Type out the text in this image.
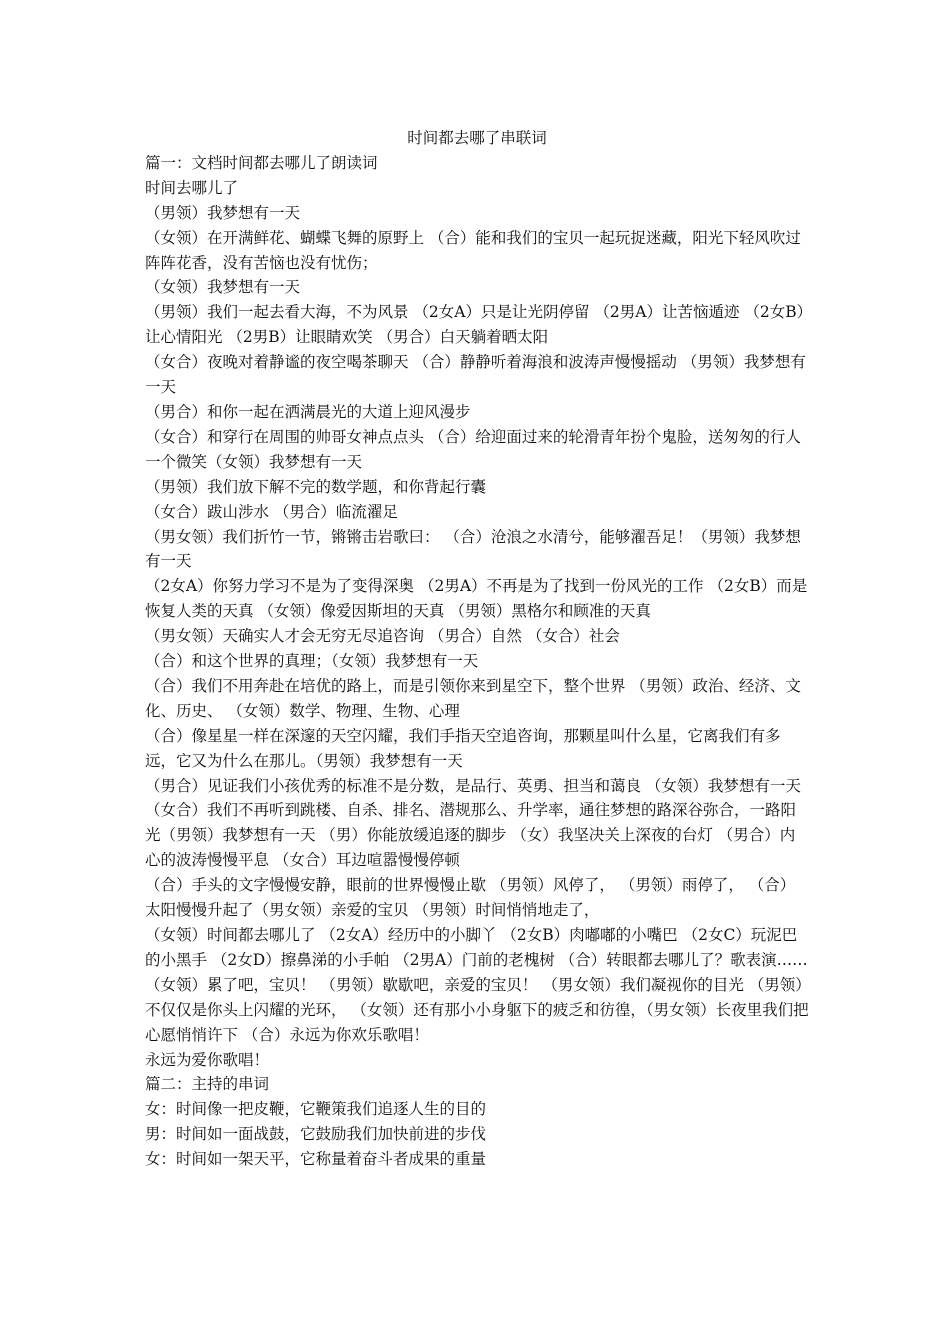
时间都去哪了串联词

篇一：文档时间都去哪儿了朗读词

时间去哪儿了

（男领）我梦想有一天

（女领）在开满鲜花、蝴蝶飞舞的原野上 （合）能和我们的宝贝一起玩捉迷藏，阳光下轻风吹过阵阵花香，没有苦恼也没有忧伤；

（女领）我梦想有一天

（男领）我们一起去看大海，不为风景 （2女A）只是让光阴停留 （2男A）让苦恼遁迹 （2女B）让心情阳光 （2男B）让眼睛欢笑 （男合）白天躺着晒太阳

（女合）夜晚对着静谧的夜空喝茶聊天 （合）静静听着海浪和波涛声慢慢摇动 （男领）我梦想有一天

（男合）和你一起在洒满晨光的大道上迎风漫步

（女合）和穿行在周围的帅哥女神点点头 （合）给迎面过来的轮滑青年扮个鬼脸，送匆匆的行人一个微笑（女领）我梦想有一天

（男领）我们放下解不完的数学题，和你背起行囊

（女合）跋山涉水 （男合）临流濯足

（男女领）我们折竹一节，锵锵击岩歌曰： （合）沧浪之水清兮，能够濯吾足！（男领）我梦想有一天

（2女A）你努力学习不是为了变得深奥 （2男A）不再是为了找到一份风光的工作 （2女B）而是恢复人类的天真 （女领）像爱因斯坦的天真 （男领）黑格尔和顾准的天真

（男女领）天确实人才会无穷无尽追咨询 （男合）自然 （女合）社会

（合）和这个世界的真理；（女领）我梦想有一天

（合）我们不用奔赴在培优的路上，而是引领你来到星空下，整个世界 （男领）政治、经济、文化、历史、 （女领）数学、物理、生物、心理

（合）像星星一样在深邃的天空闪耀，我们手指天空追咨询，那颗星叫什么星，它离我们有多远，它又为什么在那儿。（男领）我梦想有一天

（男合）见证我们小孩优秀的标准不是分数，是品行、英勇、担当和蔼良 （女领）我梦想有一天

（女合）我们不再听到跳楼、自杀、排名、潜规那么、升学率，通往梦想的路深谷弥合，一路阳光（男领）我梦想有一天 （男）你能放缓追逐的脚步 （女）我坚决关上深夜的台灯 （男合）内心的波涛慢慢平息 （女合）耳边喧嚣慢慢停顿

（合）手头的文字慢慢安静，眼前的世界慢慢止歇 （男领）风停了， （男领）雨停了， （合）太阳慢慢升起了（男女领）亲爱的宝贝 （男领）时间悄悄地走了，

（女领）时间都去哪儿了 （2女A）经历中的小脚丫 （2女B）肉嘟嘟的小嘴巴 （2女C）玩泥巴的小黑手 （2女D）擦鼻涕的小手帕 （2男A）门前的老槐树 （合）转眼都去哪儿了？歌表演……

（女领）累了吧，宝贝！ （男领）歇歇吧，亲爱的宝贝！ （男女领）我们凝视你的目光 （男领）不仅仅是你头上闪耀的光环， （女领）还有那小小身躯下的疲乏和彷徨，（男女领）长夜里我们把心愿悄悄许下 （合）永远为你欢乐歌唱！

永远为爱你歌唱！

篇二：主持的串词

女：时间像一把皮鞭，它鞭策我们追逐人生的目的

男：时间如一面战鼓，它鼓励我们加快前进的步伐

女：时间如一架天平，它称量着奋斗者成果的重量
